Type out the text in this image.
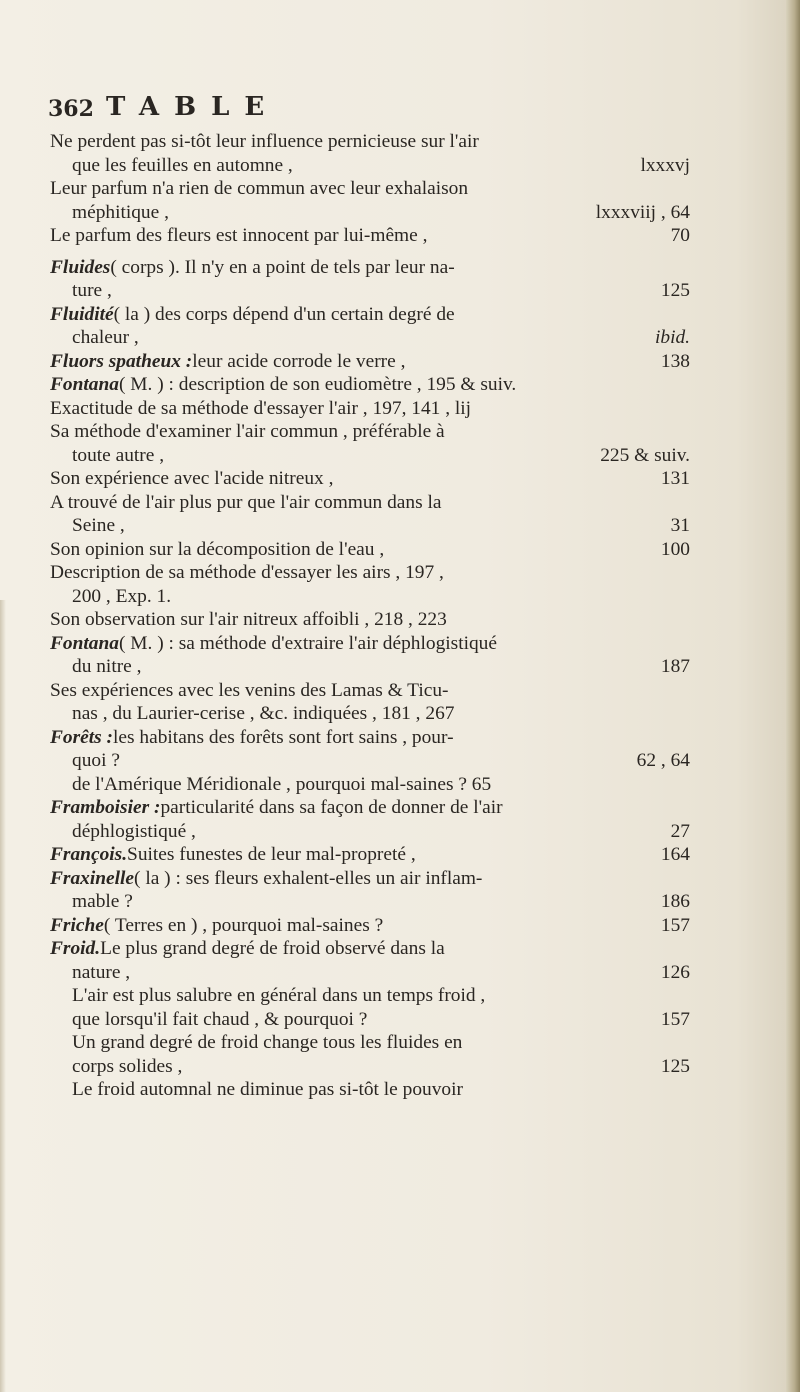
362 TABLE
Ne perdent pas si-tôt leur influence pernicieuse sur l'air
que les feuilles en automne ,	lxxxvj
Leur parfum n'a rien de commun avec leur exhalaison
méphitique ,	lxxxviij , 64
Le parfum des fleurs est innocent par lui-même ,	70
Fluides( corps ). Il n'y en a point de tels par leur na-
ture ,	125
Fluidité( la ) des corps dépend d'un certain degré de
chaleur ,	ibid.
Fluors spatheux :leur acide corrode le verre ,	138
Fontana( M. ) : description de son eudiomètre , 195 & suiv.
Exactitude de sa méthode d'essayer l'air , 197, 141 , lij
Sa méthode d'examiner l'air commun , préférable à
toute autre ,	225 & suiv.
Son expérience avec l'acide nitreux ,	131
A trouvé de l'air plus pur que l'air commun dans la
Seine ,	31
Son opinion sur la décomposition de l'eau ,	100
Description de sa méthode d'essayer les airs , 197 ,
200 , Exp. 1.
Son observation sur l'air nitreux affoibli , 218 , 223
Fontana( M. ) : sa méthode d'extraire l'air déphlogistiqué
du nitre ,	187
Ses expériences avec les venins des Lamas & Ticu-
nas , du Laurier-cerise , &c. indiquées , 181 , 267
Forêts :les habitans des forêts sont fort sains , pour-
quoi ?	62 , 64
de l'Amérique Méridionale , pourquoi mal-saines ? 65
Framboisier :particularité dans sa façon de donner de l'air
déphlogistiqué ,	27
François.Suites funestes de leur mal-propreté ,	164
Fraxinelle( la ) : ses fleurs exhalent-elles un air inflam-
mable ?	186
Friche( Terres en ) , pourquoi mal-saines ?	157
Froid.Le plus grand degré de froid observé dans la
nature ,	126
L'air est plus salubre en général dans un temps froid ,
que lorsqu'il fait chaud , & pourquoi ?	157
Un grand degré de froid change tous les fluides en
corps solides ,	125
Le froid automnal ne diminue pas si-tôt le pouvoir
